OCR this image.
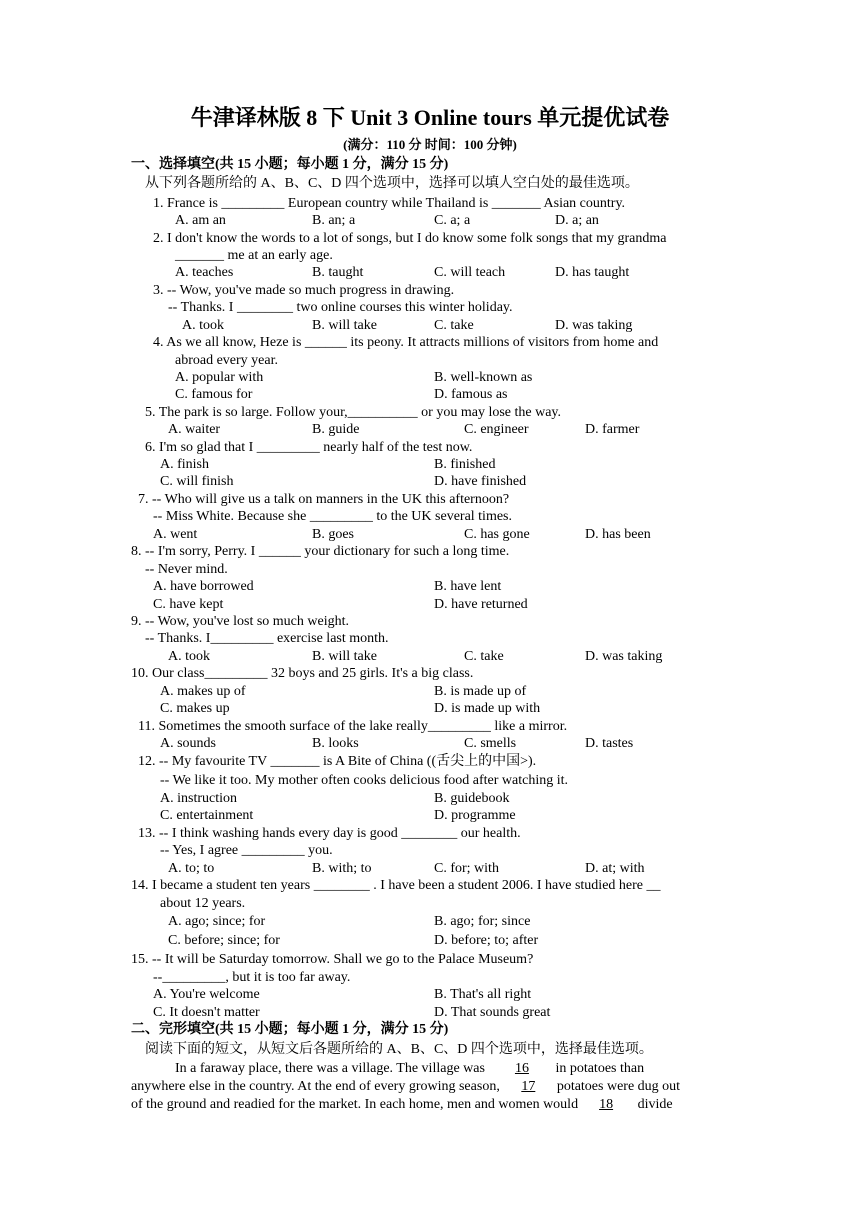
牛津译林版 8 下 Unit 3 Online tours 单元提优试卷
(满分：110 分 时间：100 分钟)
一、选择填空(共 15 小题；每小题 1 分，满分 15 分)
从下列各题所给的 A、B、C、D 四个选项中，选择可以填人空白处的最佳选项。
1. France is _________ European country while Thailand is _______ Asian country.
A. am an	B. an; a	C. a; a	D. a; an
2. I don't know the words to a lot of songs, but I do know some folk songs that my grandma
_______ me at an early age.
A. teaches	B. taught	C. will teach	D. has taught
3. -- Wow, you've made so much progress in drawing.
-- Thanks. I ________ two online courses this winter holiday.
A. took	B. will take	C. take	D. was taking
4. As we all know, Heze is ______ its peony. It attracts millions of visitors from home and
abroad every year.
A. popular with	B. well-known as
C. famous for	D. famous as
5. The park is so large. Follow your,__________ or you may lose the way.
A. waiter	B. guide	C. engineer	D. farmer
6. I'm so glad that I _________ nearly half of the test now.
A. finish	B. finished
C. will finish	D. have finished
7. -- Who will give us a talk on manners in the UK this afternoon?
-- Miss White. Because she _________ to the UK several times.
A. went	B. goes	C. has gone	D. has been
8. -- I'm sorry, Perry. I ______ your dictionary for such a long time.
-- Never mind.
A. have borrowed	B. have lent
C. have kept	D. have returned
9. -- Wow, you've lost so much weight.
-- Thanks. I_________ exercise last month.
A. took	B. will take	C. take	D. was taking
10. Our class_________ 32 boys and 25 girls. It's a big class.
A. makes up of	B. is made up of
C. makes up	D. is made up with
11. Sometimes the smooth surface of the lake really_________ like a mirror.
A. sounds	B. looks	C. smells	D. tastes
12. -- My favourite TV _______ is A Bite of China ((舌尖上的中国>).
-- We like it too. My mother often cooks delicious food after watching it.
A. instruction	B. guidebook
C. entertainment	D. programme
13. -- I think washing hands every day is good ________ our health.
-- Yes, I agree _________ you.
A. to; to	B. with; to	C. for; with	D. at; with
14. I became a student ten years ________ . I have been a student 2006. I have studied here __
about 12 years.
A. ago; since; for	B. ago; for; since
C. before; since; for	D. before; to; after
15. -- It will be Saturday tomorrow. Shall we go to the Palace Museum?
--_________, but it is too far away.
A. You're welcome	B. That's all right
C. It doesn't matter	D. That sounds great
二、完形填空(共 15 小题；每小题 1 分，满分 15 分)
阅读下面的短文，从短文后各题所给的 A、B、C、D 四个选项中，选择最佳选项。
In a faraway place, there was a village. The village was 16 in potatoes than
anywhere else in the country. At the end of every growing season, 17 potatoes were dug out
of the ground and readied for the market. In each home, men and women would 18 divide
